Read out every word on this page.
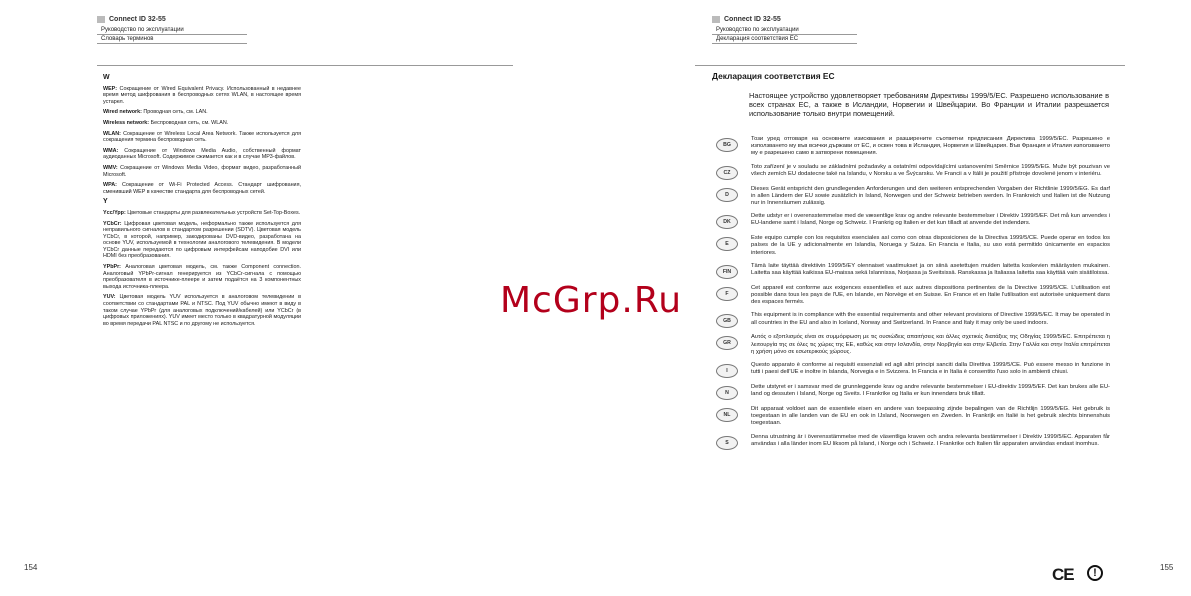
Connect ID 32-55
Руководство по эксплуатации
Словарь терминов
W

WEP: Сокращение от Wired Equivalent Privacy. Использованный в недавнее время метод шифрования в беспроводных сетях WLAN, в настоящее время устарел.

Wired network: Проводная сеть, см. LAN.

Wireless network: Беспроводная сеть, см. WLAN.

WLAN: Сокращение от Wireless Local Area Network. Также используется для сокращения термина беспроводная сеть.

WMA: Сокращение от Windows Media Audio, собственный формат аудиоданных Microsoft. Содержимое сжимается как и в случае MP3-файлов.

WMV: Сокращение от Windows Media Video, формат видео, разработанный Microsoft.

WPA: Сокращение от Wi-Fi Protected Access. Стандарт шифрования, сменивший WEP в качестве стандарта для беспроводных сетей.

Y

Ycc/Ypp: Цветовые стандарты для развлекательных устройств Set-Top-Boxes.

YCbCr: Цифровая цветовая модель, неформально также используется для неправильного сигналов в стандартом разрешении (SDTV). Цветовая модель YCbCr, в которой, например, закодированы DVD-видео, разработана на основе YUV, используемой в технологии аналогового телевидения. В модели YCbCr данные передаются по цифровым интерфейсам наподобие DVI или HDMI без преобразования.

YPbPr: Аналоговая цветовая модель, см. также Component connection. Аналоговый YPbPr-сигнал генерируется из YCbCr-сигнала с помощью преобразователя в источнике-плеере и затем подаётся на 3 компонентных выхода источника-плеера.

YUV: Цветовая модель YUV используется в аналоговом телевидении в соответствии со стандартами PAL и NTSC. Под YUV обычно имеют в виду в таком случае YPbPr (для аналоговых подключений/кабелей) или YCbCr (в цифровых приложениях). YUV имеет место только в квадратурной модуляции во время передачи PAL NTSC и по другому не используется.

154
Connect ID 32-55
Руководство по эксплуатации
Декларация соответствия ЕС
Декларация соответствия ЕС
Настоящее устройство удовлетворяет требованиям Директивы 1999/5/EC. Разрешено использование в всех странах ЕС, а также в Исландии, Норвегии и Швейцарии. Во Франции и Италии разрешается использование только внутри помещений.
BG
Този уред отговаря на основните изисквания и разширените съответни предписания Директива 1999/5/EC. Разрешено е използването му във всички държави от ЕС, и освен това в Исландия, Норвегия и Швейцария. Във Франция и Италия използването му е разрешено само в затворени помещения.
CZ
Toto zařízení je v souladu se základními požadavky a ostatními odpovídajícími ustanoveními Směrnice 1999/5/EG. Muže být pouzivan ve všech zemích EU dodatecne také na Islandu, v Norsku a ve Švýcarsku. Ve Francii a v Itálii je použití přístroje dovolené jenom v interiéru.
D
Dieses Gerät entspricht den grundlegenden Anforderungen und den weiteren entsprechenden Vorgaben der Richtlinie 1999/5/EG. Es darf in allen Ländern der EU sowie zusätzlich in Island, Norwegen und der Schweiz betrieben werden. In Frankreich und Italien ist die Nutzung nur in Innenräumen zulässig.
DK
Dette udstyr er i overensstemmelse med de væsentlige krav og andre relevante bestemmelser i Direktiv 1999/5/EF. Det må kun anvendes i EU-landene samt i Island, Norge og Schweiz. I Frankrig og Italien er det kun tilladt at anvende det indendørs.
E
Este equipo cumple con los requisitos esenciales así como con otras disposiciones de la Directiva 1999/5/CE. Puede operar en todos los países de la UE y adicionalmente en Islandia, Noruega y Suiza. En Francia e Italia, su uso está permitido únicamente en espacios interiores.
FIN
Tämä laite täyttää direktiivin 1999/5/EY olennaiset vaatimukset ja on siinä asetettujen muiden laitetta koskevien määräysten mukainen. Laitetta saa käyttää kaikissa EU-maissa sekä Islannissa, Norjassa ja Sveitsissä. Ranskassa ja Italiassa laitetta saa käyttää vain sisätiloissa.
F
Cet appareil est conforme aux exigences essentielles et aux autres dispositions pertinentes de la Directive 1999/5/CE. L'utilisation est possible dans tous les pays de l'UE, en Islande, en Norvège et en Suisse. En France et en Italie l'utilisation est autorisée uniquement dans des espaces fermés.
GB
This equipment is in compliance with the essential requirements and other relevant provisions of Directive 1999/5/EC. It may be operated in all countries in the EU and also in Iceland, Norway and Switzerland. In France and Italy it may only be used indoors.
GR
Αυτός ο εξοπλισμός είναι σε συμμόρφωση με τις ουσιώδεις απαιτήσεις και άλλες σχετικές διατάξεις της Οδηγίας 1999/5/EC. Επιτρέπεται η λειτουργία της σε όλες τις χώρες της ΕΕ, καθώς και στην Ισλανδία, στην Νορβηγία και στην Ελβετία. Στην Γαλλία και στην Ιταλία επιτρέπεται η χρήση μόνο σε εσωτερικούς χώρους.
I
Questo apparato è conforme ai requisiti essenziali ed agli altri principi sanciti dalla Direttiva 1999/5/CE. Può essere messo in funzione in tutti i paesi dell'UE e inoltre in Islanda, Norvegia e in Svizzera. In Francia e in Italia è consentito l'uso solo in ambienti chiusi.
N
Dette utstyret er i samsvar med de grunnleggende krav og andre relevante bestemmelser i EU-direktiv 1999/5/EF. Det kan brukes alle EU-land og dessuten i Island, Norge og Sveits. I Frankrike og Italia er kun innendørs bruk tillatt.
NL
Dit apparaat voldoet aan de essentiele eisen en andere van toepassing zijnde bepalingen van de Richtlijn 1999/5/EG. Het gebruik is toegestaan in alle landen van de EU en ook in IJsland, Noorwegen en Zweden. In Frankrijk en Italië is het gebruik slechts binnenshuis toegestaan.
S
Denna utrustning är i överensstämmelse med de väsentliga kraven och andra relevanta bestämmelser i Direktiv 1999/5/EC. Apparaten får användas i alla länder inom EU liksom på Island, i Norge och i Schweiz. I Frankrike och Italien får apparaten användas endast inomhus.
CE	!	155
McGrp.Ru
